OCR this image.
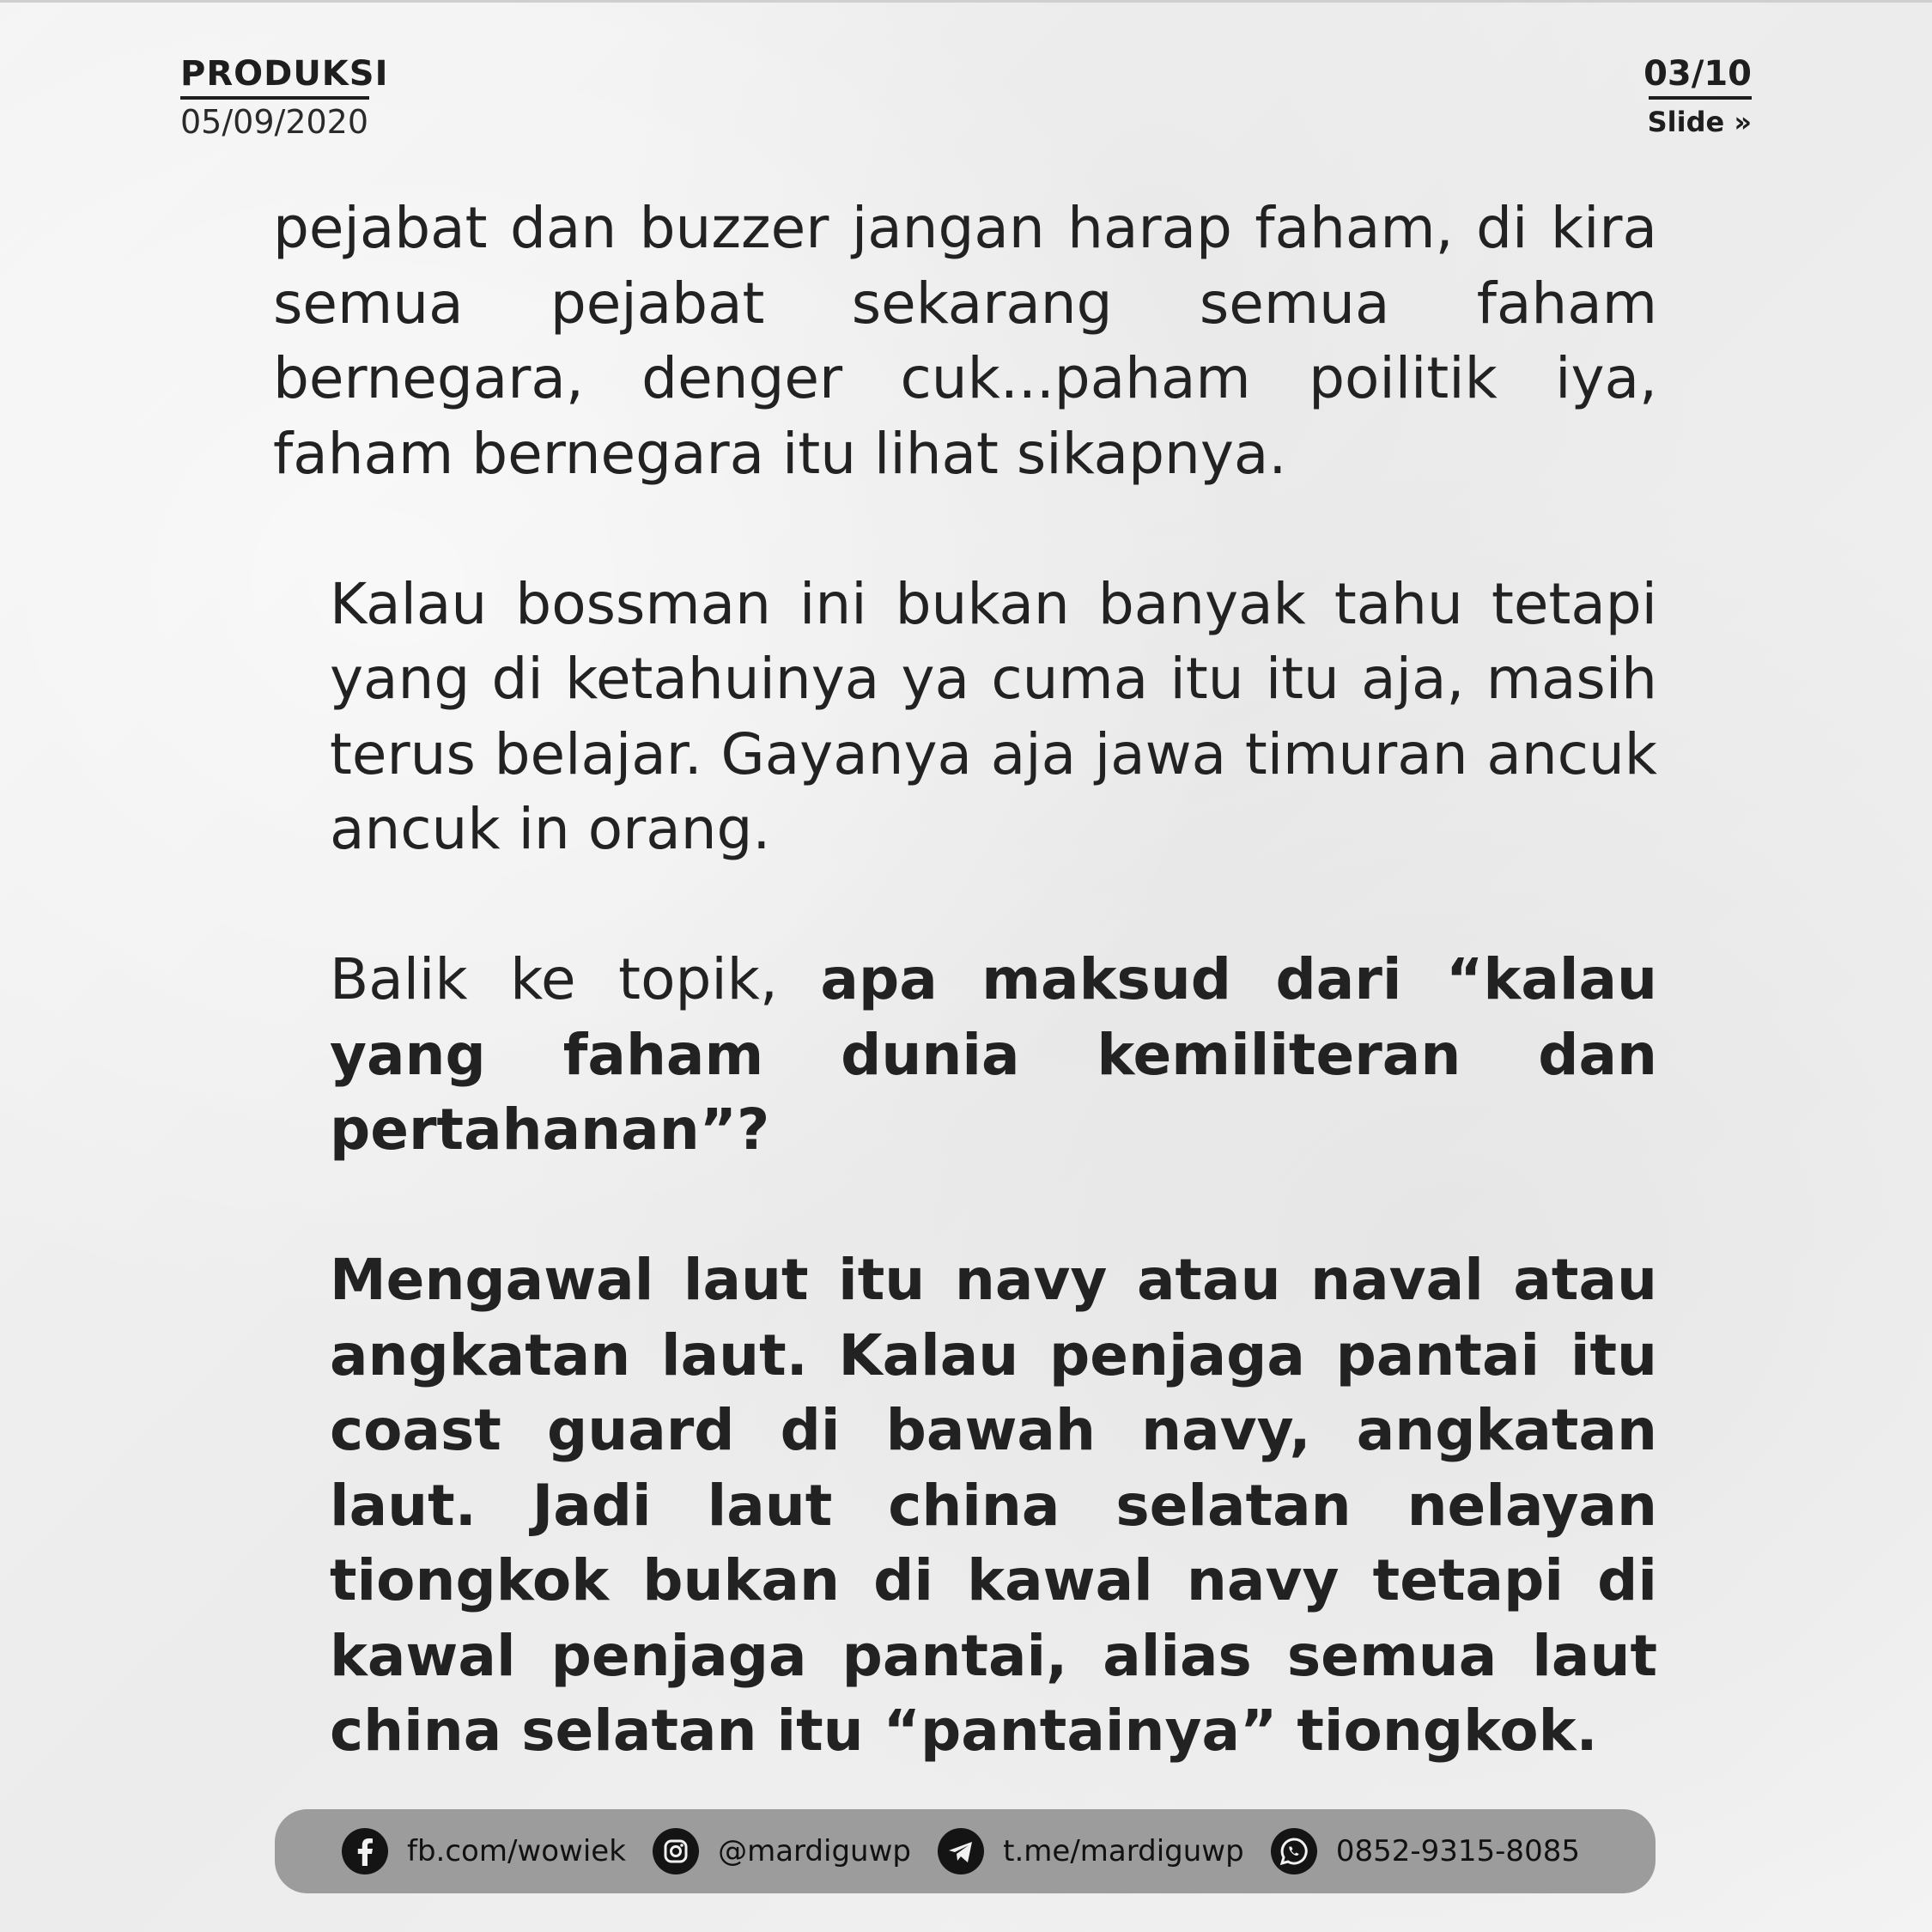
PRODUKSI
05/09/2020
03/10
Slide »

pejabat dan buzzer jangan harap faham, di kira semua pejabat sekarang semua faham bernegara, denger cuk...paham poilitik iya, faham bernegara itu lihat sikapnya.

Kalau bossman ini bukan banyak tahu tetapi yang di ketahuinya ya cuma itu itu aja, masih terus belajar. Gayanya aja jawa timuran ancuk ancuk in orang.

Balik ke topik, apa maksud dari “kalau yang faham dunia kemiliteran dan pertahanan”?

Mengawal laut itu navy atau naval atau angkatan laut. Kalau penjaga pantai itu coast guard di bawah navy, angkatan laut. Jadi laut china selatan nelayan tiongkok bukan di kawal navy tetapi di kawal penjaga pantai, alias semua laut china selatan itu “pantainya” tiongkok.

fb.com/wowiek	@mardiguwp	t.me/mardiguwp	0852-9315-8085
